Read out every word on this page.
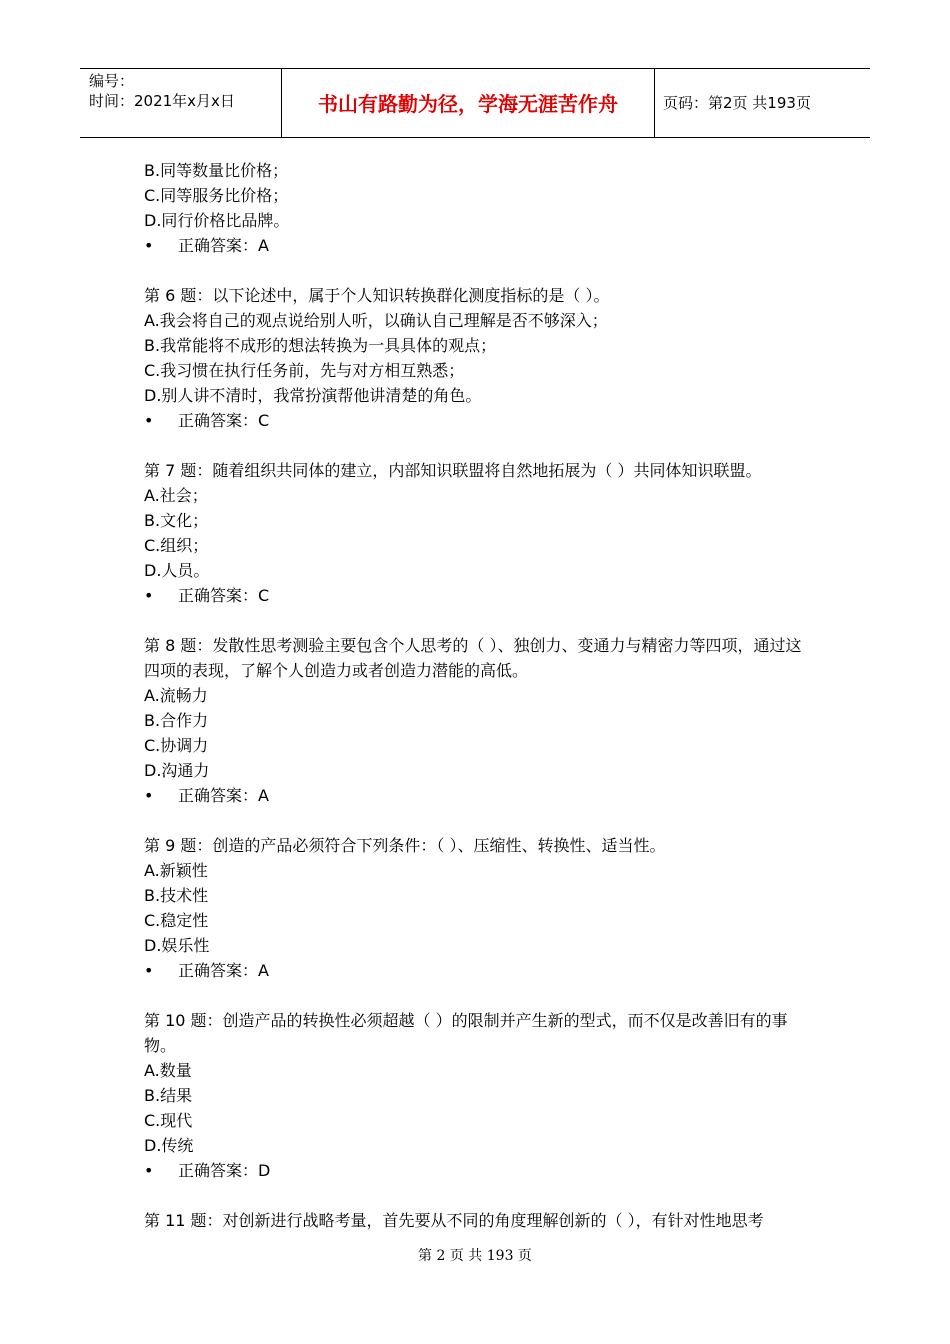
编号：
时间：2021年x月x日	书山有路勤为径，学海无涯苦作舟	页码：第2页 共193页
B.同等数量比价格；
C.同等服务比价格；
D.同行价格比品牌。
• 正确答案：A
第 6 题：以下论述中，属于个人知识转换群化测度指标的是（ ）。
A.我会将自己的观点说给别人听，以确认自己理解是否不够深入；
B.我常能将不成形的想法转换为一具具体的观点；
C.我习惯在执行任务前，先与对方相互熟悉；
D.别人讲不清时，我常扮演帮他讲清楚的角色。
• 正确答案：C
第 7 题：随着组织共同体的建立，内部知识联盟将自然地拓展为（ ）共同体知识联盟。
A.社会；
B.文化；
C.组织；
D.人员。
• 正确答案：C
第 8 题：发散性思考测验主要包含个人思考的（ ）、独创力、变通力与精密力等四项，通过这四项的表现，了解个人创造力或者创造力潜能的高低。
A.流畅力
B.合作力
C.协调力
D.沟通力
• 正确答案：A
第 9 题：创造的产品必须符合下列条件：（ ）、压缩性、转换性、适当性。
A.新颖性
B.技术性
C.稳定性
D.娱乐性
• 正确答案：A
第 10 题：创造产品的转换性必须超越（ ）的限制并产生新的型式，而不仅是改善旧有的事物。
A.数量
B.结果
C.现代
D.传统
• 正确答案：D
第 11 题：对创新进行战略考量，首先要从不同的角度理解创新的（ ），有针对性地思考
第 2 页 共 193 页
